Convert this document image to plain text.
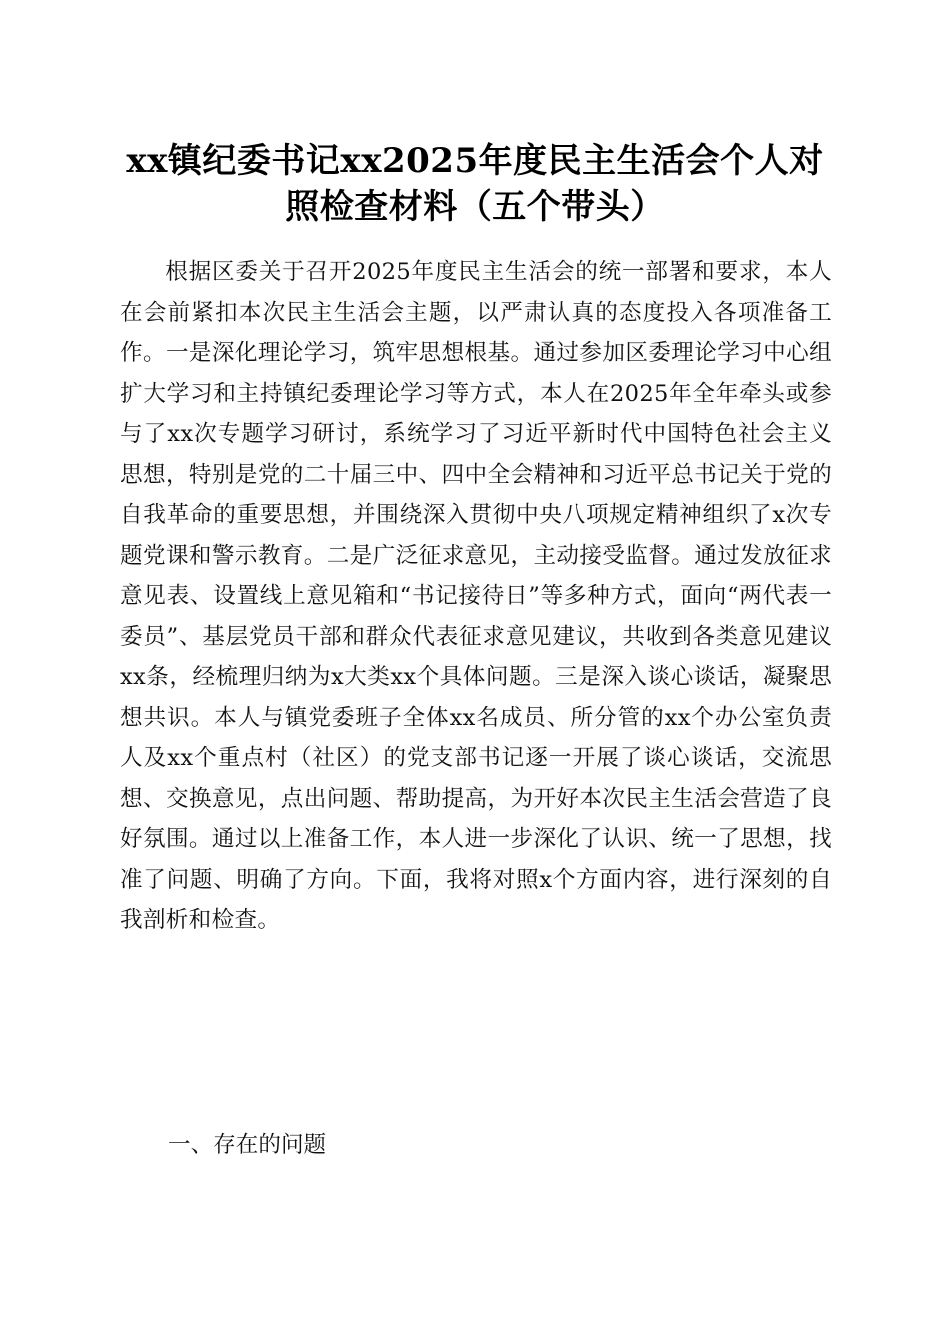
xx镇纪委书记xx2025年度民主生活会个人对
照检查材料（五个带头）

根据区委关于召开2025年度民主生活会的统一部署和要求，本人在会前紧扣本次民主生活会主题，以严肃认真的态度投入各项准备工作。一是深化理论学习，筑牢思想根基。通过参加区委理论学习中心组扩大学习和主持镇纪委理论学习等方式，本人在2025年全年牵头或参与了xx次专题学习研讨，系统学习了习近平新时代中国特色社会主义思想，特别是党的二十届三中、四中全会精神和习近平总书记关于党的自我革命的重要思想，并围绕深入贯彻中央八项规定精神组织了x次专题党课和警示教育。二是广泛征求意见，主动接受监督。通过发放征求意见表、设置线上意见箱和“书记接待日”等多种方式，面向“两代表一委员”、基层党员干部和群众代表征求意见建议，共收到各类意见建议xx条，经梳理归纳为x大类xx个具体问题。三是深入谈心谈话，凝聚思想共识。本人与镇党委班子全体xx名成员、所分管的xx个办公室负责人及xx个重点村（社区）的党支部书记逐一开展了谈心谈话，交流思想、交换意见，点出问题、帮助提高，为开好本次民主生活会营造了良好氛围。通过以上准备工作，本人进一步深化了认识、统一了思想，找准了问题、明确了方向。下面，我将对照x个方面内容，进行深刻的自我剖析和检查。

一、存在的问题
